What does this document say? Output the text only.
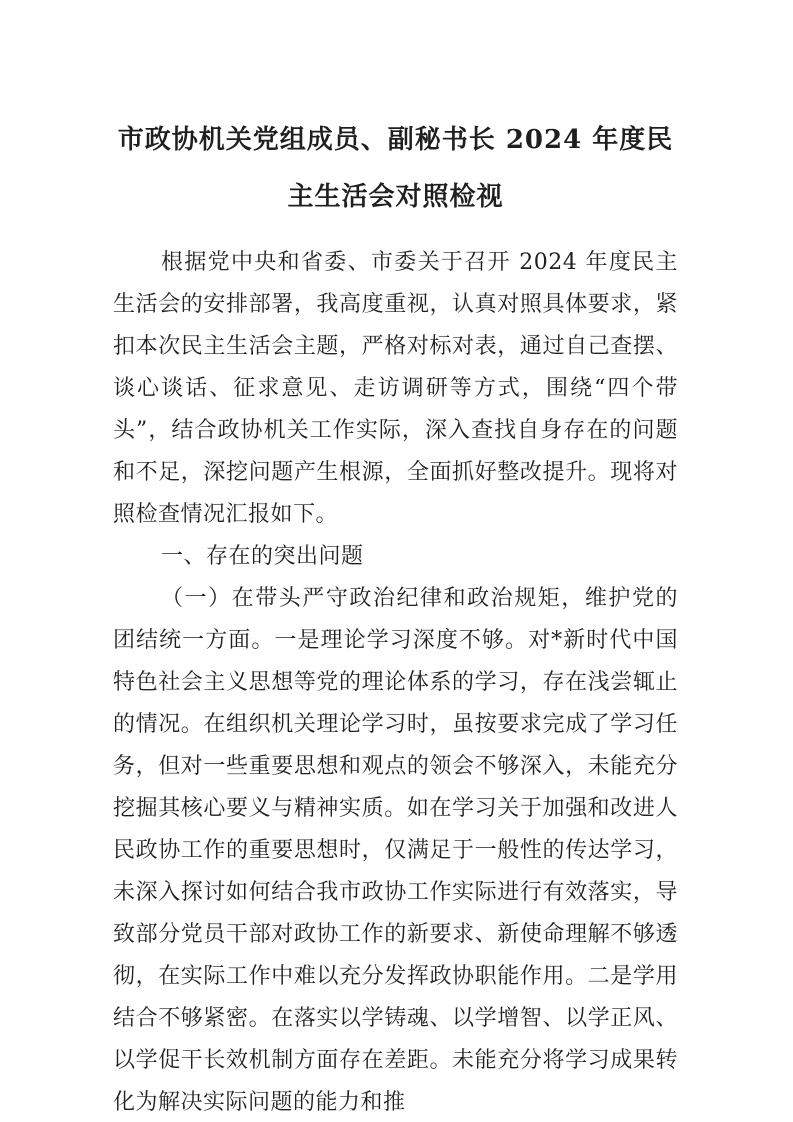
市政协机关党组成员、副秘书长 2024 年度民主生活会对照检视

根据党中央和省委、市委关于召开 2024 年度民主生活会的安排部署，我高度重视，认真对照具体要求，紧扣本次民主生活会主题，严格对标对表，通过自己查摆、谈心谈话、征求意见、走访调研等方式，围绕“四个带头”，结合政协机关工作实际，深入查找自身存在的问题和不足，深挖问题产生根源，全面抓好整改提升。现将对照检查情况汇报如下。

一、存在的突出问题

（一）在带头严守政治纪律和政治规矩，维护党的团结统一方面。一是理论学习深度不够。对*新时代中国特色社会主义思想等党的理论体系的学习，存在浅尝辄止的情况。在组织机关理论学习时，虽按要求完成了学习任务，但对一些重要思想和观点的领会不够深入，未能充分挖掘其核心要义与精神实质。如在学习关于加强和改进人民政协工作的重要思想时，仅满足于一般性的传达学习，未深入探讨如何结合我市政协工作实际进行有效落实，导致部分党员干部对政协工作的新要求、新使命理解不够透彻，在实际工作中难以充分发挥政协职能作用。二是学用结合不够紧密。在落实以学铸魂、以学增智、以学正风、以学促干长效机制方面存在差距。未能充分将学习成果转化为解决实际问题的能力和推
